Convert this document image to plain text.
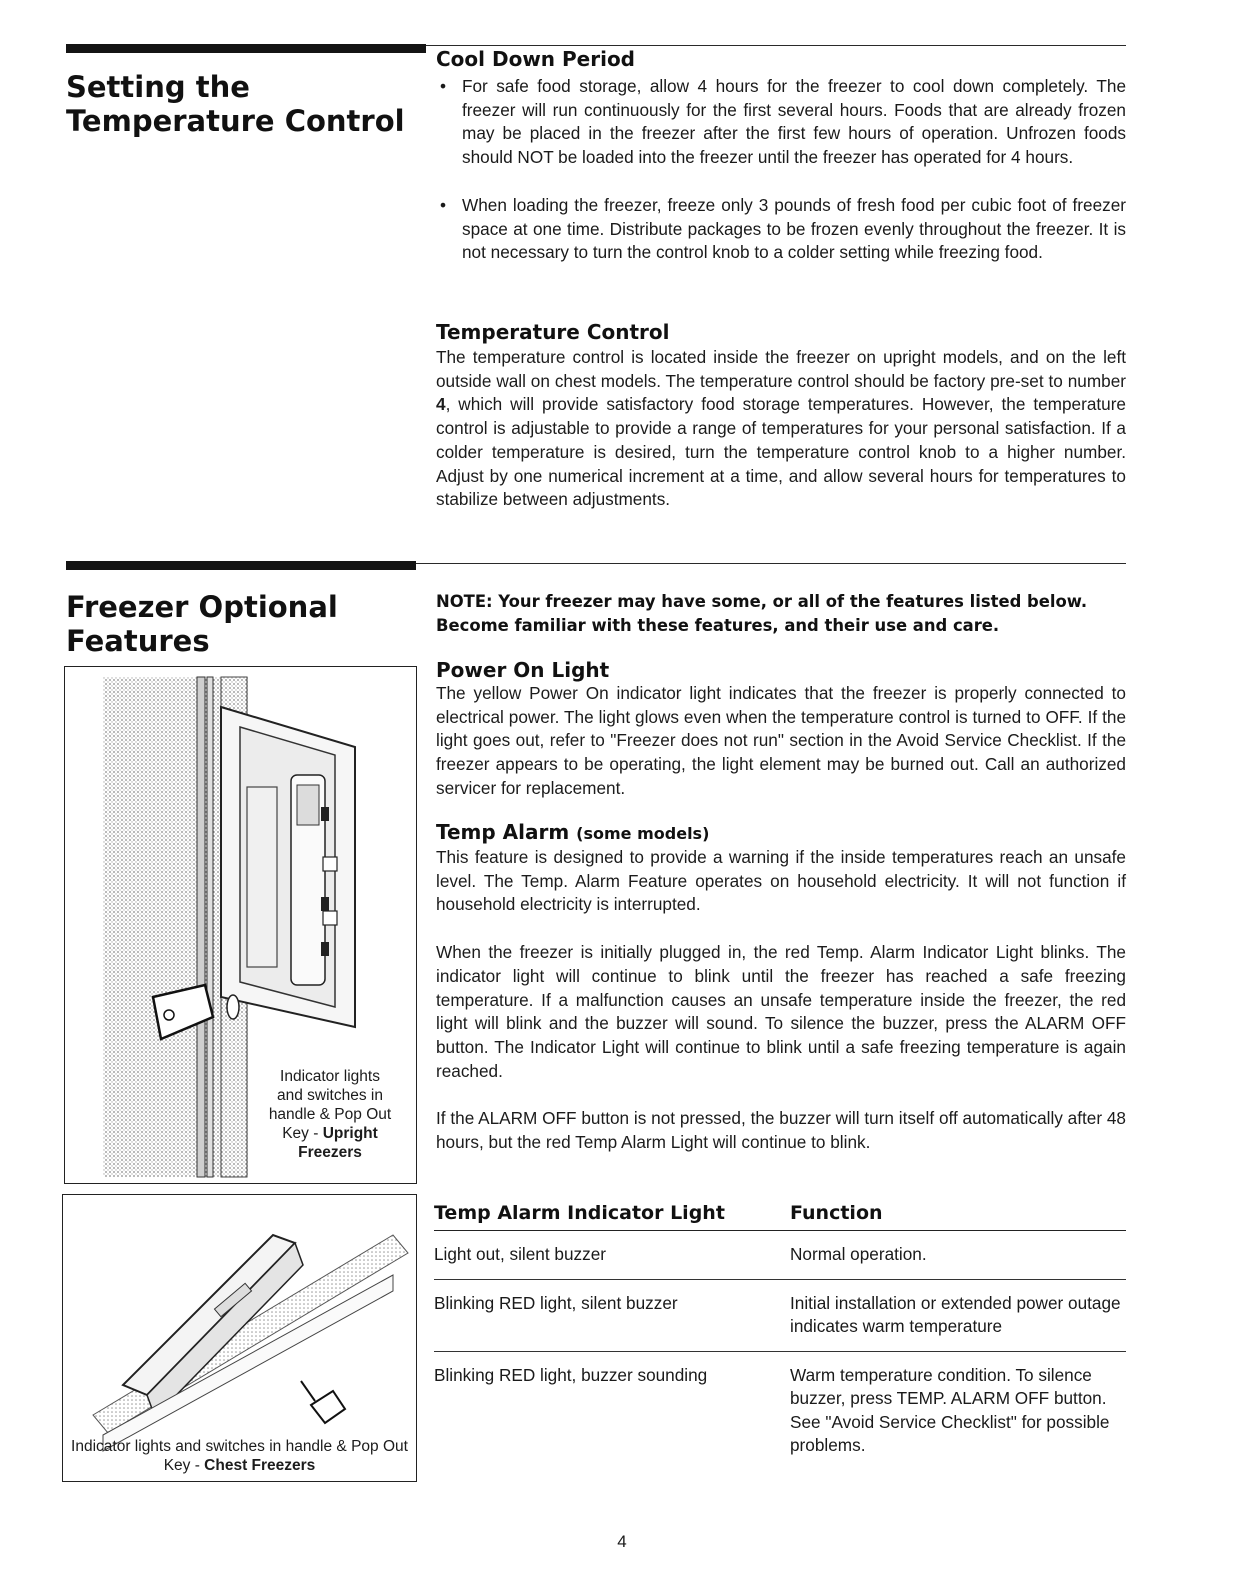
Setting the
Temperature Control
Cool Down Period
• For safe food storage, allow 4 hours for the freezer to cool down completely. The freezer will run continuously for the first several hours. Foods that are already frozen may be placed in the freezer after the first few hours of operation. Unfrozen foods should NOT be loaded into the freezer until the freezer has operated for 4 hours.
• When loading the freezer, freeze only 3 pounds of fresh food per cubic foot of freezer space at one time. Distribute packages to be frozen evenly throughout the freezer. It is not necessary to turn the control knob to a colder setting while freezing food.
Temperature Control
The temperature control is located inside the freezer on upright models, and on the left outside wall on chest models. The temperature control should be factory pre-set to number 4, which will provide satisfactory food storage temperatures. However, the temperature control is adjustable to provide a range of temperatures for your personal satisfaction. If a colder temperature is desired, turn the temperature control knob to a higher number. Adjust by one numerical increment at a time, and allow several hours for temperatures to stabilize between adjustments.
Freezer Optional
Features
Indicator lights
and switches in
handle & Pop Out
Key - Upright Freezers
Indicator lights and switches in handle & Pop Out Key - Chest Freezers
NOTE: Your freezer may have some, or all of the features listed below. Become familiar with these features, and their use and care.
Power On Light
The yellow Power On indicator light indicates that the freezer is properly connected to electrical power. The light glows even when the temperature control is turned to OFF. If the light goes out, refer to "Freezer does not run" section in the Avoid Service Checklist. If the freezer appears to be operating, the light element may be burned out. Call an authorized servicer for replacement.
Temp Alarm (some models)
This feature is designed to provide a warning if the inside temperatures reach an unsafe level. The Temp. Alarm Feature operates on household electricity. It will not function if household electricity is interrupted.
When the freezer is initially plugged in, the red Temp. Alarm Indicator Light blinks. The indicator light will continue to blink until the freezer has reached a safe freezing temperature. If a malfunction causes an unsafe temperature inside the freezer, the red light will blink and the buzzer will sound. To silence the buzzer, press the ALARM OFF button. The Indicator Light will continue to blink until a safe freezing temperature is again reached.
If the ALARM OFF button is not pressed, the buzzer will turn itself off automatically after 48 hours, but the red Temp Alarm Light will continue to blink.
Temp Alarm Indicator Light	Function
Light out, silent buzzer	Normal operation.
Blinking RED light, silent buzzer	Initial installation or extended power outage indicates warm temperature
Blinking RED light, buzzer sounding	Warm temperature condition. To silence buzzer, press TEMP. ALARM OFF button. See "Avoid Service Checklist" for possible problems.
4
